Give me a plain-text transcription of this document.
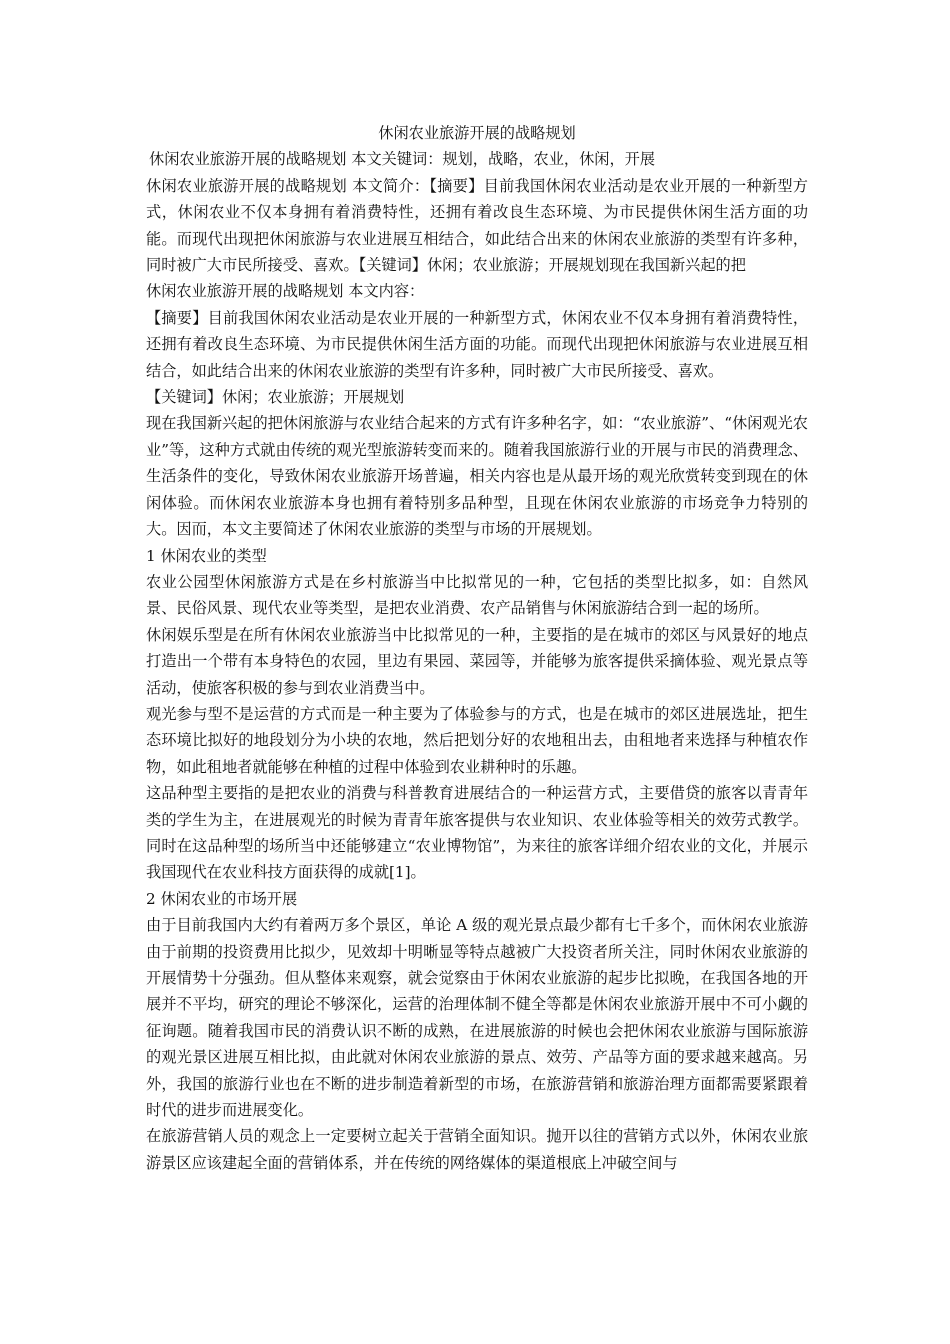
休闲农业旅游开展的战略规划

休闲农业旅游开展的战略规划 本文关键词：规划，战略，农业，休闲，开展

休闲农业旅游开展的战略规划 本文简介：【摘要】目前我国休闲农业活动是农业开展的一种新型方式，休闲农业不仅本身拥有着消费特性，还拥有着改良生态环境、为市民提供休闲生活方面的功能。而现代出现把休闲旅游与农业进展互相结合，如此结合出来的休闲农业旅游的类型有许多种，同时被广大市民所接受、喜欢。【关键词】休闲；农业旅游；开展规划现在我国新兴起的把

休闲农业旅游开展的战略规划 本文内容：

【摘要】目前我国休闲农业活动是农业开展的一种新型方式，休闲农业不仅本身拥有着消费特性，还拥有着改良生态环境、为市民提供休闲生活方面的功能。而现代出现把休闲旅游与农业进展互相结合，如此结合出来的休闲农业旅游的类型有许多种，同时被广大市民所接受、喜欢。

【关键词】休闲；农业旅游；开展规划

现在我国新兴起的把休闲旅游与农业结合起来的方式有许多种名字，如：“农业旅游”、“休闲观光农业”等，这种方式就由传统的观光型旅游转变而来的。随着我国旅游行业的开展与市民的消费理念、生活条件的变化，导致休闲农业旅游开场普遍，相关内容也是从最开场的观光欣赏转变到现在的休闲体验。而休闲农业旅游本身也拥有着特别多品种型，且现在休闲农业旅游的市场竞争力特别的大。因而，本文主要简述了休闲农业旅游的类型与市场的开展规划。

1 休闲农业的类型

农业公园型休闲旅游方式是在乡村旅游当中比拟常见的一种，它包括的类型比拟多，如：自然风景、民俗风景、现代农业等类型，是把农业消费、农产品销售与休闲旅游结合到一起的场所。

休闲娱乐型是在所有休闲农业旅游当中比拟常见的一种，主要指的是在城市的郊区与风景好的地点打造出一个带有本身特色的农园，里边有果园、菜园等，并能够为旅客提供采摘体验、观光景点等活动，使旅客积极的参与到农业消费当中。

观光参与型不是运营的方式而是一种主要为了体验参与的方式，也是在城市的郊区进展选址，把生态环境比拟好的地段划分为小块的农地，然后把划分好的农地租出去，由租地者来选择与种植农作物，如此租地者就能够在种植的过程中体验到农业耕种时的乐趣。

这品种型主要指的是把农业的消费与科普教育进展结合的一种运营方式，主要借贷的旅客以青青年类的学生为主，在进展观光的时候为青青年旅客提供与农业知识、农业体验等相关的效劳式教学。同时在这品种型的场所当中还能够建立“农业博物馆”，为来往的旅客详细介绍农业的文化，并展示我国现代在农业科技方面获得的成就[1]。

2 休闲农业的市场开展

由于目前我国内大约有着两万多个景区，单论 A 级的观光景点最少都有七千多个，而休闲农业旅游由于前期的投资费用比拟少，见效却十明晰显等特点越被广大投资者所关注，同时休闲农业旅游的开展情势十分强劲。但从整体来观察，就会觉察由于休闲农业旅游的起步比拟晚，在我国各地的开展并不平均，研究的理论不够深化，运营的治理体制不健全等都是休闲农业旅游开展中不可小觑的征询题。随着我国市民的消费认识不断的成熟，在进展旅游的时候也会把休闲农业旅游与国际旅游的观光景区进展互相比拟，由此就对休闲农业旅游的景点、效劳、产品等方面的要求越来越高。另外，我国的旅游行业也在不断的进步制造着新型的市场，在旅游营销和旅游治理方面都需要紧跟着时代的进步而进展变化。

在旅游营销人员的观念上一定要树立起关于营销全面知识。抛开以往的营销方式以外，休闲农业旅游景区应该建起全面的营销体系，并在传统的网络媒体的渠道根底上冲破空间与
